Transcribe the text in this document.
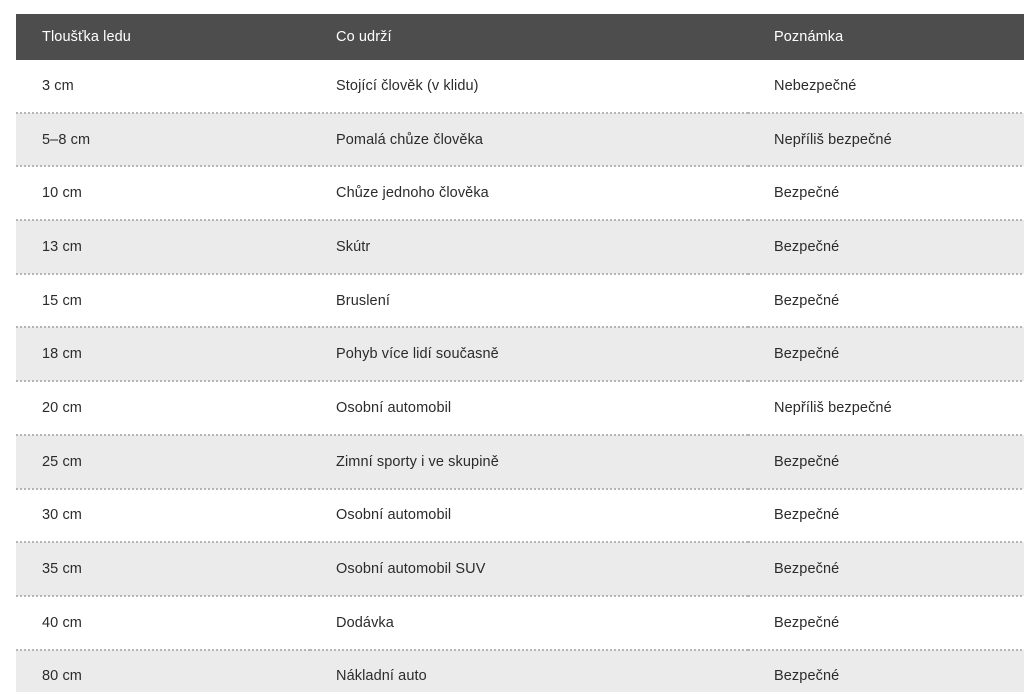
Tloušťka ledu	Co udrží	Poznámka
3 cm	Stojící člověk (v klidu)	Nebezpečné
5–8 cm	Pomalá chůze člověka	Nepříliš bezpečné
10 cm	Chůze jednoho člověka	Bezpečné
13 cm	Skútr	Bezpečné
15 cm	Bruslení	Bezpečné
18 cm	Pohyb více lidí současně	Bezpečné
20 cm	Osobní automobil	Nepříliš bezpečné
25 cm	Zimní sporty i ve skupině	Bezpečné
30 cm	Osobní automobil	Bezpečné
35 cm	Osobní automobil SUV	Bezpečné
40 cm	Dodávka	Bezpečné
80 cm	Nákladní auto	Bezpečné
